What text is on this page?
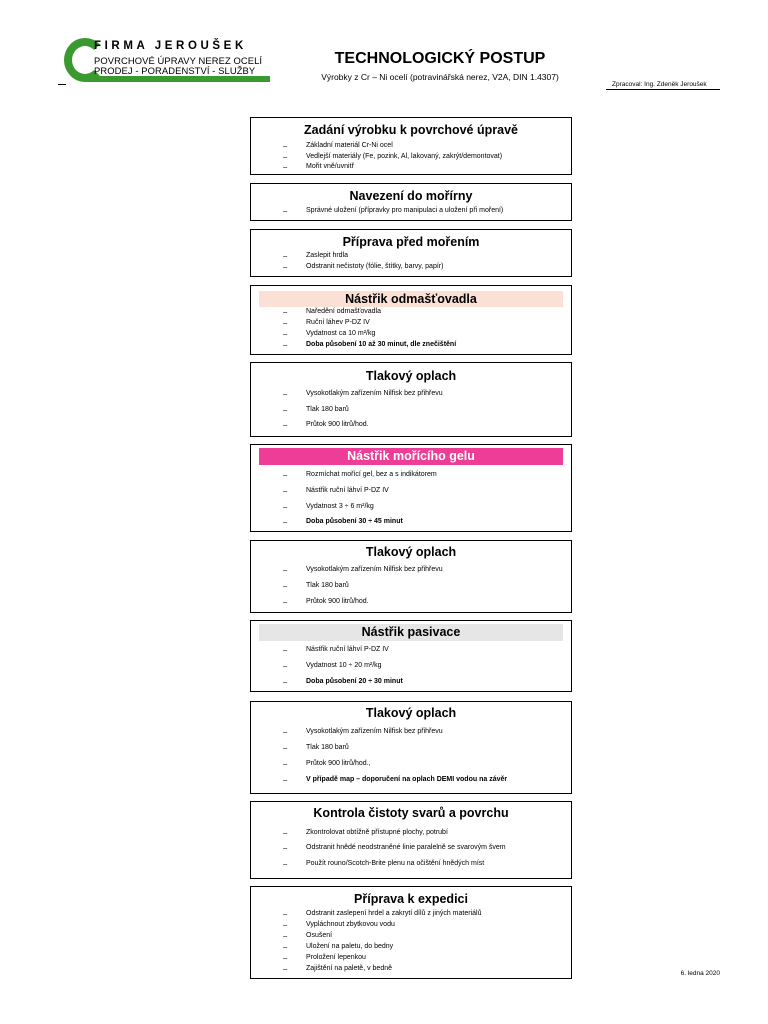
FIRMA JEROUŠEK
POVRCHOVÉ ÚPRAVY NEREZ OCELÍ
PRODEJ - PORADENSTVÍ - SLUŽBY
TECHNOLOGICKÝ POSTUP
Výrobky z Cr – Ni ocelí (potravinářská nerez, V2A, DIN 1.4307)
Zpracoval: Ing. Zdeněk Jeroušek
Zadání výrobku k povrchové úpravě
–	Základní materiál Cr-Ni ocel
–	Vedlejší materiály (Fe, pozink, Al, lakovaný, zakrýt/demontovat)
–	Mořit vně/uvnitř
Navezení do mořírny
–	Správné uložení (přípravky pro manipulaci a uložení při moření)
Příprava před mořením
–	Zaslepit hrdla
–	Odstranit nečistoty (fólie, štítky, barvy, papír)
Nástřik odmašťovadla
–	Naředění odmašťovadla
–	Ruční láhev P-DZ IV
–	Vydatnost ca 10 m²/kg
–	Doba působení 10 až 30 minut, dle znečištění
Tlakový oplach
–	Vysokotlakým zařízením Nilfisk bez přihřevu
–	Tlak 180 barů
–	Průtok 900 litrů/hod.
Nástřik mořícího gelu
–	Rozmíchat mořící gel, bez a s indikátorem
–	Nástřik ruční láhví P-DZ IV
–	Vydatnost 3 ÷ 6 m²/kg
–	Doba působení 30 ÷ 45 minut
Tlakový oplach
–	Vysokotlakým zařízením Nilfisk bez přihřevu
–	Tlak 180 barů
–	Průtok 900 litrů/hod.
Nástřik pasivace
–	Nástřik ruční láhví P-DZ IV
–	Vydatnost 10 ÷ 20 m²/kg
–	Doba působení 20 ÷ 30 minut
Tlakový oplach
–	Vysokotlakým zařízením Nilfisk bez přihřevu
–	Tlak 180 barů
–	Průtok 900 litrů/hod.,
–	V případě map – doporučení na oplach DEMI vodou na závěr
Kontrola čistoty svarů a povrchu
–	Zkontrolovat obtížně přístupné plochy, potrubí
–	Odstranit hnědé neodstraněné linie paralelně se svarovým švem
–	Použít rouno/Scotch-Brite plenu na očištění hnědých míst
Příprava k expedici
–	Odstranit zaslepení hrdel a zakrytí dílů z jiných materiálů
–	Vypláchnout zbytkovou vodu
–	Osušení
–	Uložení na paletu, do bedny
–	Proložení lepenkou
–	Zajištění na paletě, v bedně
6. ledna 2020
